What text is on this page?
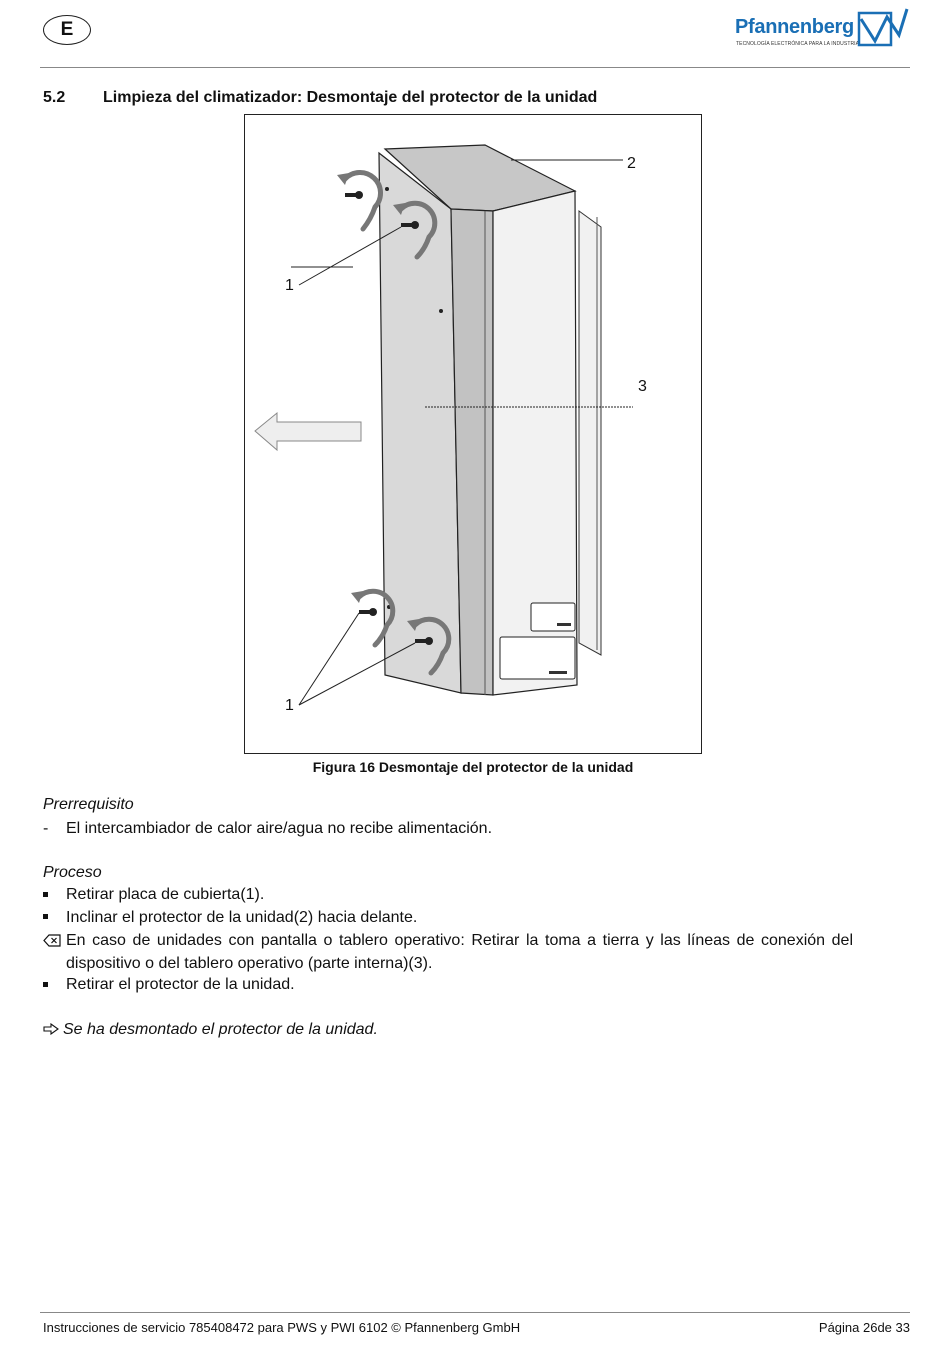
E	Pfannenberg
TECNOLOGÍA ELECTRÓNICA PARA LA INDUSTRIA
5.2 Limpieza del climatizador: Desmontaje del protector de la unidad
2
1
3
1
Figura 16 Desmontaje del protector de la unidad
Prerrequisito
- El intercambiador de calor aire/agua no recibe alimentación.
Proceso
Retirar placa de cubierta(1).
Inclinar el protector de la unidad(2) hacia delante.
En caso de unidades con pantalla o tablero operativo: Retirar la toma a tierra y las líneas de conexión del
dispositivo o del tablero operativo (parte interna)(3).
Retirar el protector de la unidad.
Se ha desmontado el protector de la unidad.
Instrucciones de servicio 785408472 para PWS y PWI 6102 © Pfannenberg GmbH	Página 26de 33
